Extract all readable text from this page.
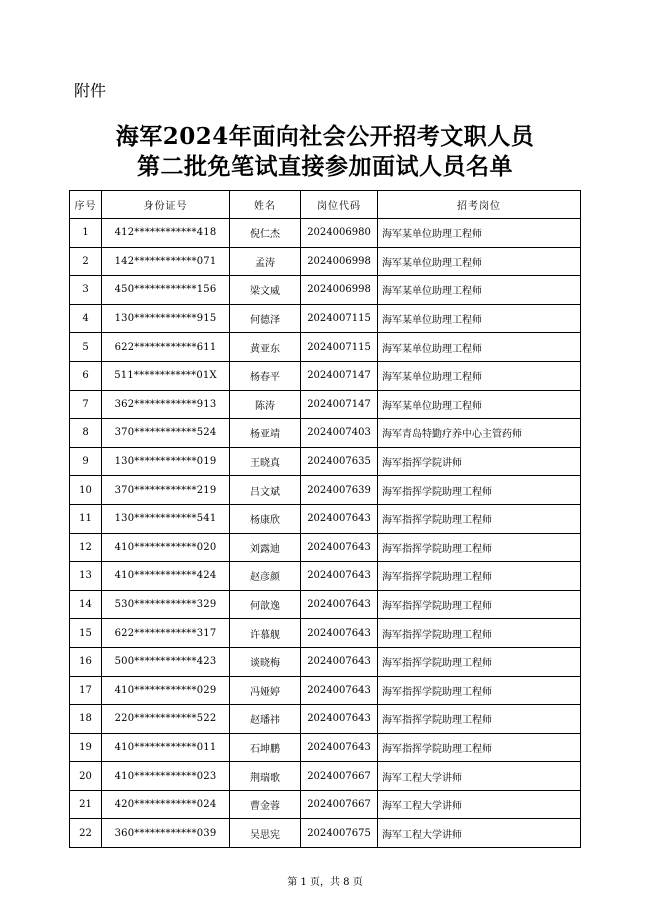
附件
海军2024年面向社会公开招考文职人员
第二批免笔试直接参加面试人员名单
序号	身份证号	姓名	岗位代码	招考岗位
1	412************418	倪仁杰	2024006980	海军某单位助理工程师
2	142************071	孟涛	2024006998	海军某单位助理工程师
3	450************156	梁文威	2024006998	海军某单位助理工程师
4	130************915	何德泽	2024007115	海军某单位助理工程师
5	622************611	黄亚东	2024007115	海军某单位助理工程师
6	511************01X	杨春平	2024007147	海军某单位助理工程师
7	362************913	陈涛	2024007147	海军某单位助理工程师
8	370************524	杨亚靖	2024007403	海军青岛特勤疗养中心主管药师
9	130************019	王晓真	2024007635	海军指挥学院讲师
10	370************219	吕文斌	2024007639	海军指挥学院助理工程师
11	130************541	杨康欣	2024007643	海军指挥学院助理工程师
12	410************020	刘露迪	2024007643	海军指挥学院助理工程师
13	410************424	赵彦颜	2024007643	海军指挥学院助理工程师
14	530************329	何歆逸	2024007643	海军指挥学院助理工程师
15	622************317	许慕舰	2024007643	海军指挥学院助理工程师
16	500************423	谈晓梅	2024007643	海军指挥学院助理工程师
17	410************029	冯娅婷	2024007643	海军指挥学院助理工程师
18	220************522	赵璠祎	2024007643	海军指挥学院助理工程师
19	410************011	石坤鹏	2024007643	海军指挥学院助理工程师
20	410************023	荆瑞歌	2024007667	海军工程大学讲师
21	420************024	曹金蓉	2024007667	海军工程大学讲师
22	360************039	吴思宪	2024007675	海军工程大学讲师
第 1 页，共 8 页
